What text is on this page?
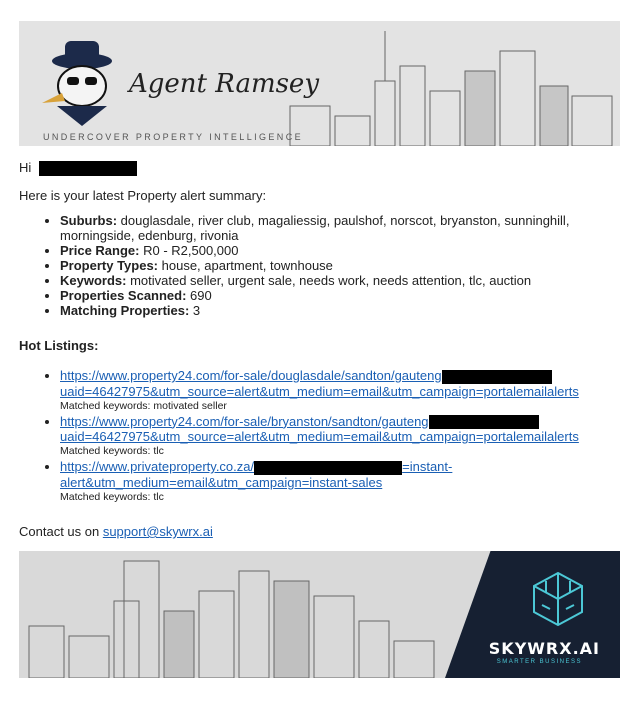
Agent Ramsey
UNDERCOVER PROPERTY INTELLIGENCE
Hi
Here is your latest Property alert summary:
• Suburbs: douglasdale, river club, magaliessig, paulshof, norscot, bryanston, sunninghill, morningside, edenburg, rivonia
• Price Range: R0 - R2,500,000
• Property Types: house, apartment, townhouse
• Keywords: motivated seller, urgent sale, needs work, needs attention, tlc, auction
• Properties Scanned: 690
• Matching Properties: 3
Hot Listings:
• https://www.property24.com/for-sale/douglasdale/sandton/gauteng
uaid=46427975&utm_source=alert&utm_medium=email&utm_campaign=portalemailalerts
Matched keywords: motivated seller
• https://www.property24.com/for-sale/bryanston/sandton/gauteng
uaid=46427975&utm_source=alert&utm_medium=email&utm_campaign=portalemailalerts
Matched keywords: tlc
• https://www.privateproperty.co.za/	=instant-
alert&utm_medium=email&utm_campaign=instant-sales
Matched keywords: tlc
Contact us on support@skywrx.ai
SKYWRX.AI
SMARTER BUSINESS
